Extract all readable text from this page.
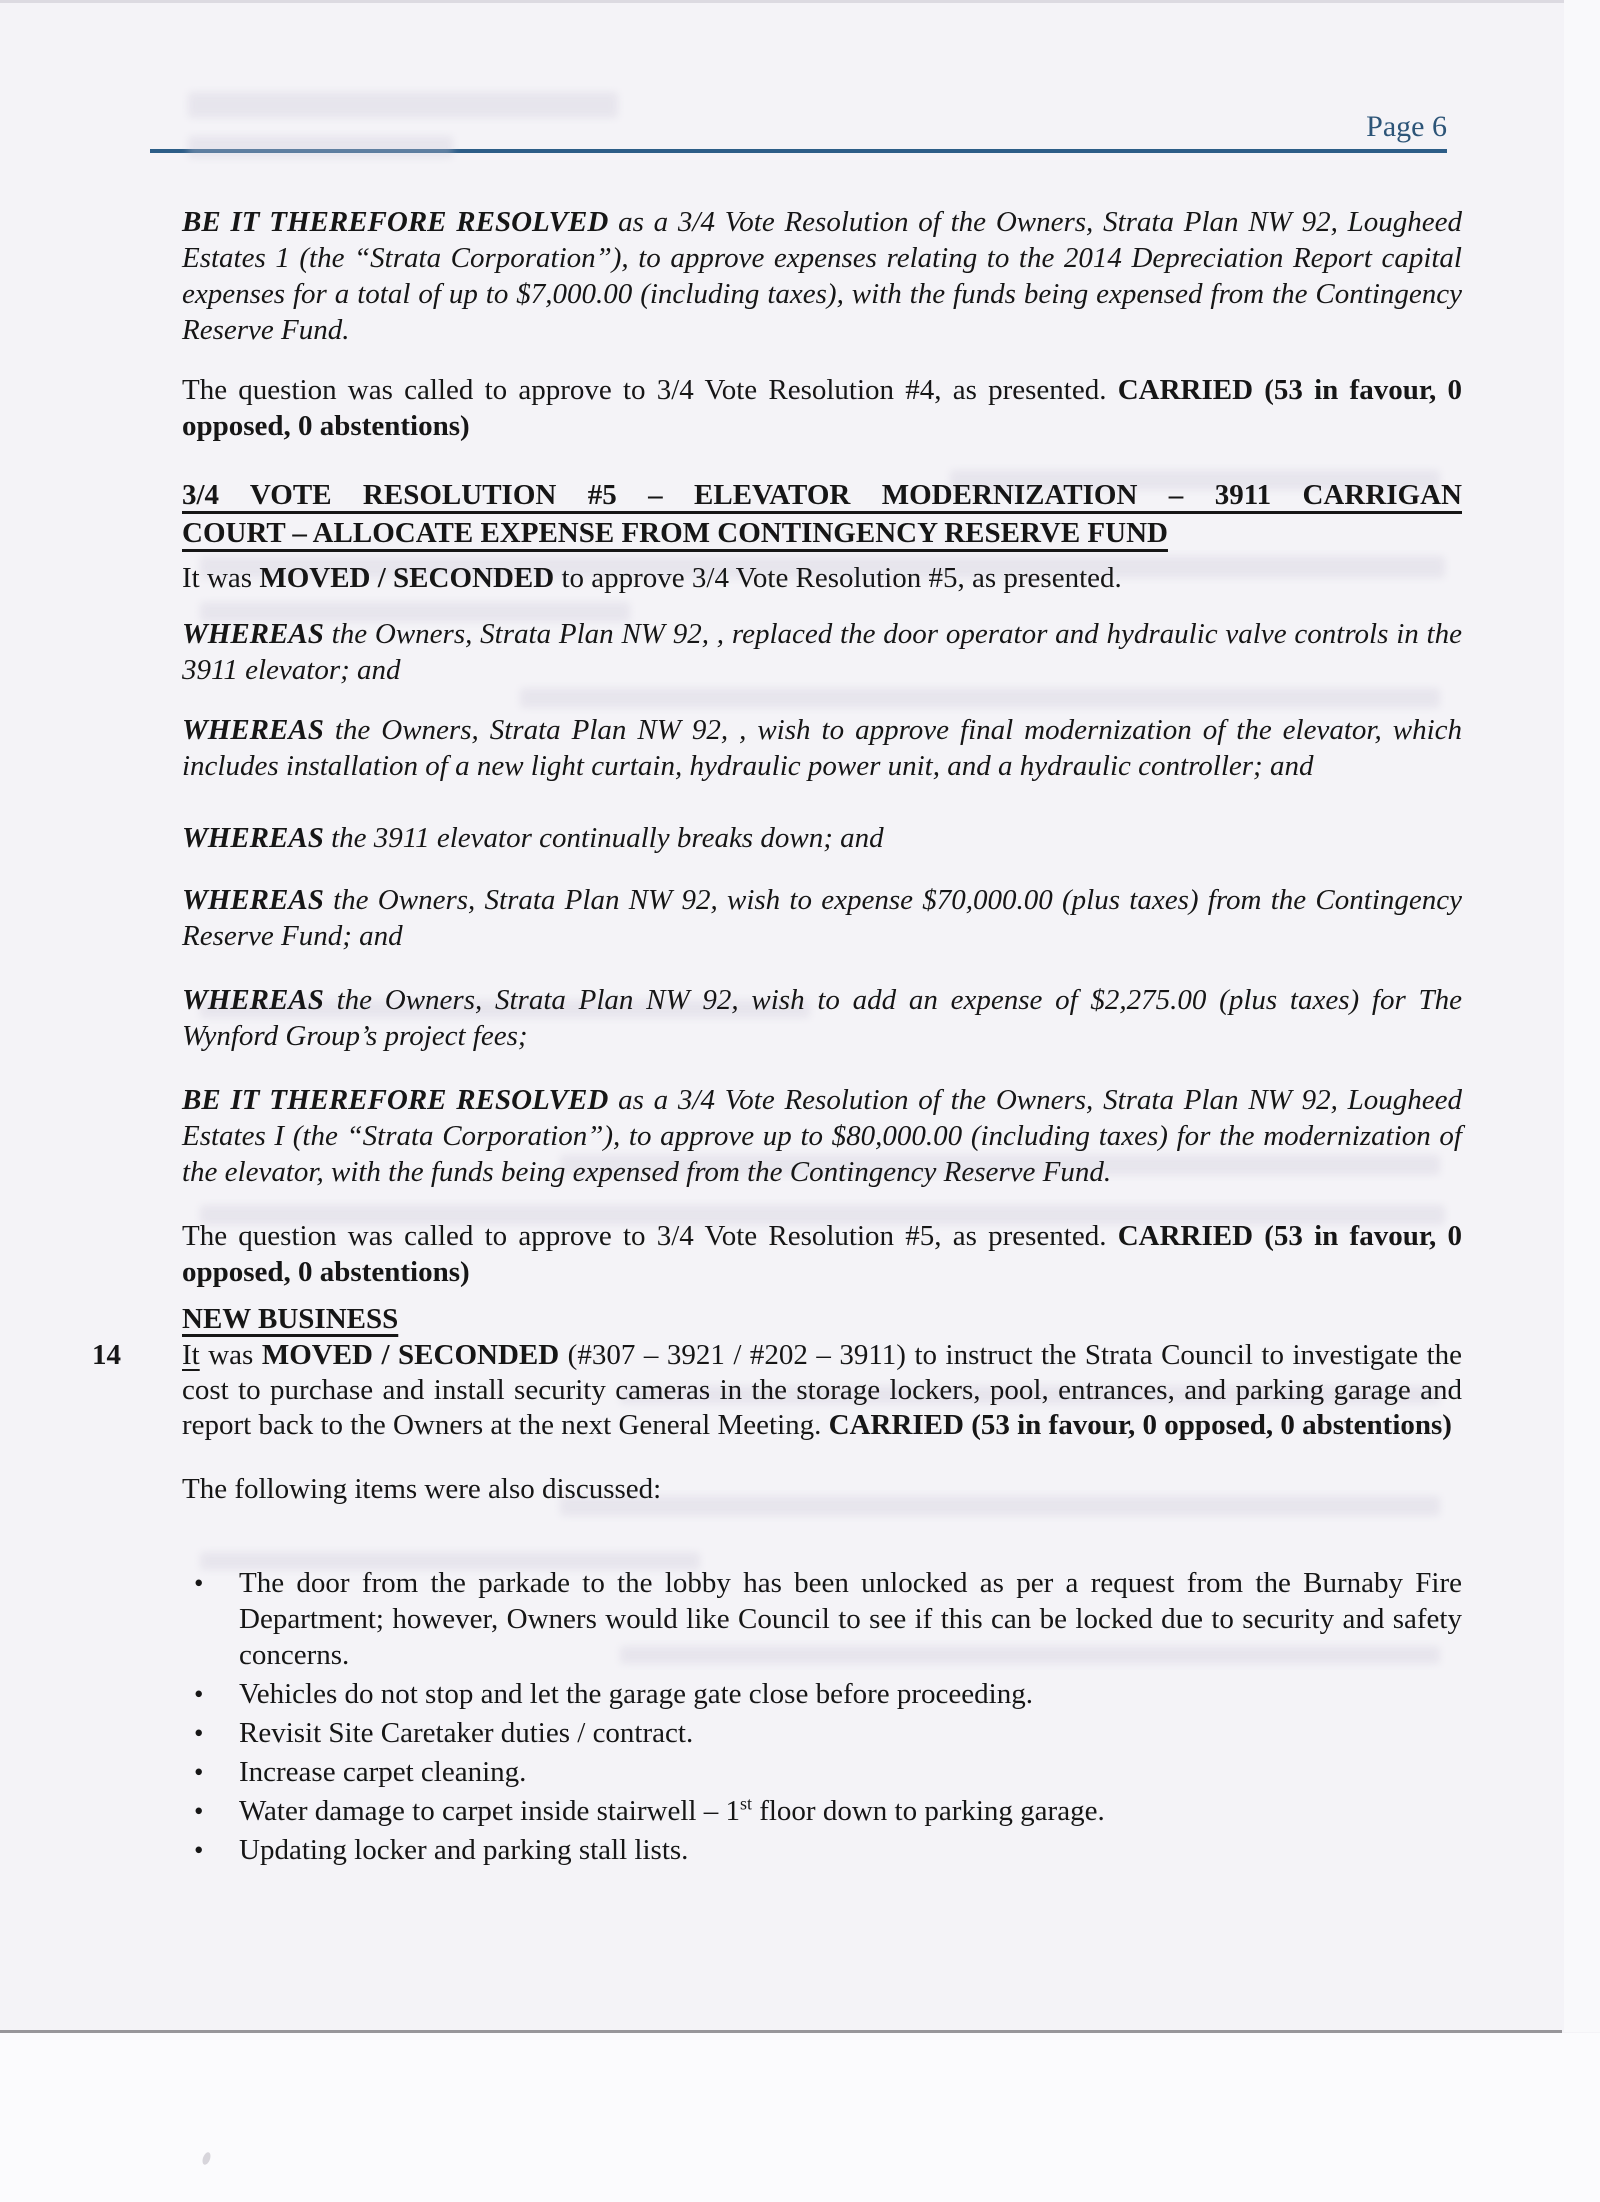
Page 6

BE IT THEREFORE RESOLVED as a 3/4 Vote Resolution of the Owners, Strata Plan NW 92, Lougheed Estates 1 (the “Strata Corporation”), to approve expenses relating to the 2014 Depreciation Report capital expenses for a total of up to $7,000.00 (including taxes), with the funds being expensed from the Contingency Reserve Fund.

The question was called to approve to 3/4 Vote Resolution #4, as presented. CARRIED (53 in favour, 0 opposed, 0 abstentions)

3/4 VOTE RESOLUTION #5 – ELEVATOR MODERNIZATION – 3911 CARRIGAN
COURT – ALLOCATE EXPENSE FROM CONTINGENCY RESERVE FUND

It was MOVED / SECONDED to approve 3/4 Vote Resolution #5, as presented.

WHEREAS the Owners, Strata Plan NW 92, , replaced the door operator and hydraulic valve controls in the 3911 elevator; and

WHEREAS the Owners, Strata Plan NW 92, , wish to approve final modernization of the elevator, which includes installation of a new light curtain, hydraulic power unit, and a hydraulic controller; and

WHEREAS the 3911 elevator continually breaks down; and

WHEREAS the Owners, Strata Plan NW 92, wish to expense $70,000.00 (plus taxes) from the Contingency Reserve Fund; and

WHEREAS the Owners, Strata Plan NW 92, wish to add an expense of $2,275.00 (plus taxes) for The Wynford Group’s project fees;

BE IT THEREFORE RESOLVED as a 3/4 Vote Resolution of the Owners, Strata Plan NW 92, Lougheed Estates I (the “Strata Corporation”), to approve up to $80,000.00 (including taxes) for the modernization of the elevator, with the funds being expensed from the Contingency Reserve Fund.

The question was called to approve to 3/4 Vote Resolution #5, as presented. CARRIED (53 in favour, 0 opposed, 0 abstentions)

NEW BUSINESS

14 It was MOVED / SECONDED (#307 – 3921 / #202 – 3911) to instruct the Strata Council to investigate the cost to purchase and install security cameras in the storage lockers, pool, entrances, and parking garage and report back to the Owners at the next General Meeting. CARRIED (53 in favour, 0 opposed, 0 abstentions)

The following items were also discussed:

•	The door from the parkade to the lobby has been unlocked as per a request from the Burnaby Fire Department; however, Owners would like Council to see if this can be locked due to security and safety concerns.
•	Vehicles do not stop and let the garage gate close before proceeding.
•	Revisit Site Caretaker duties / contract.
•	Increase carpet cleaning.
•	Water damage to carpet inside stairwell – 1st floor down to parking garage.
•	Updating locker and parking stall lists.
